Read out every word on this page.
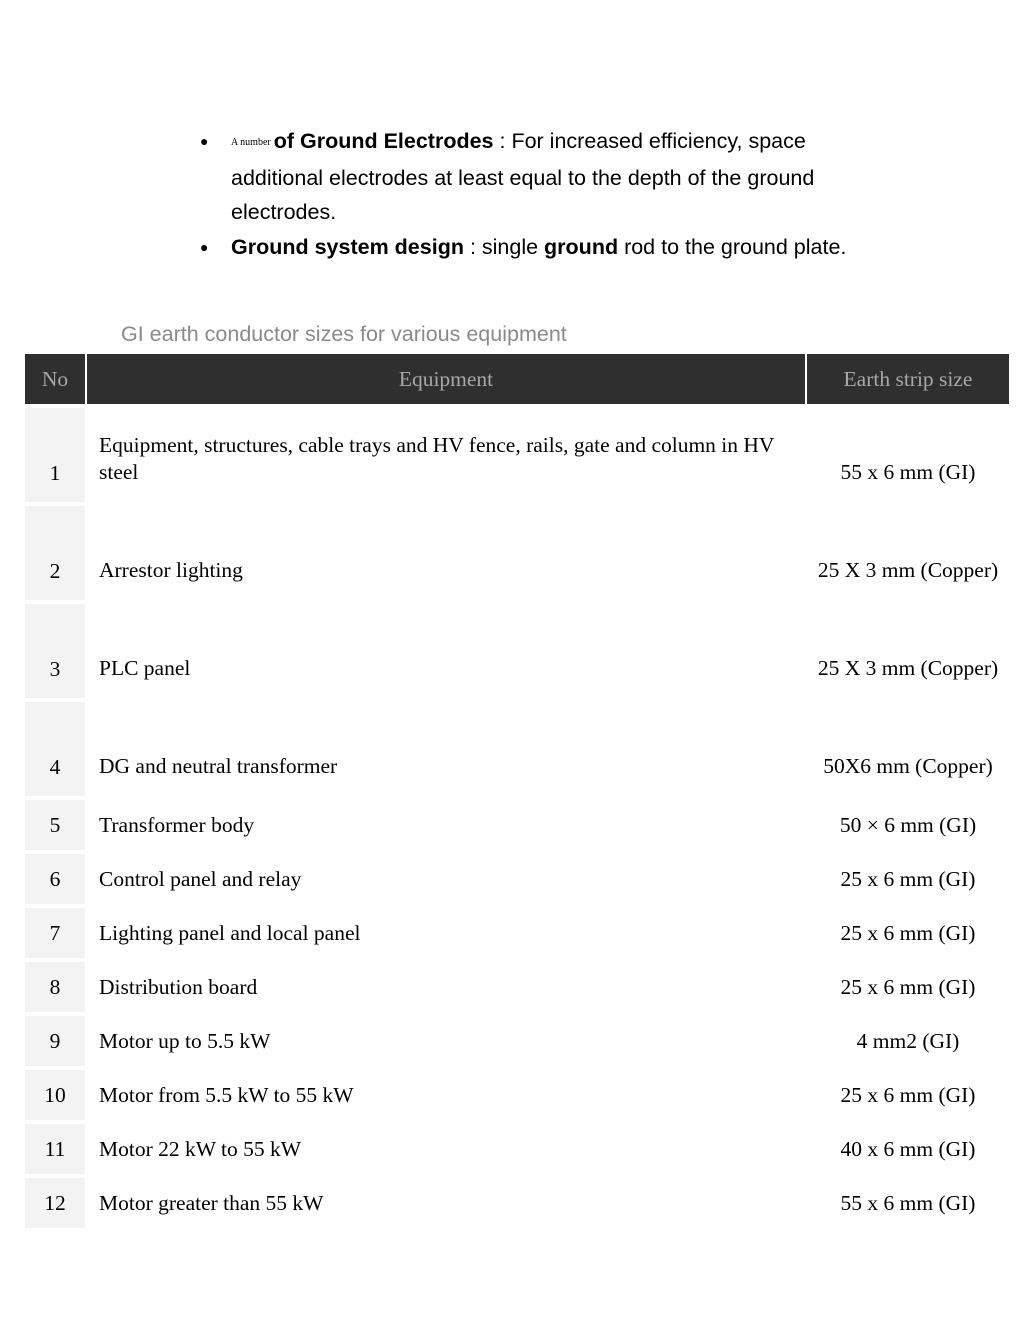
● A number of Ground Electrodes : For increased efficiency, space additional electrodes at least equal to the depth of the ground electrodes.
● Ground system design : single ground rod to the ground plate.
GI earth conductor sizes for various equipment
No	Equipment	Earth strip size
1	Equipment, structures, cable trays and HV fence, rails, gate and column in HV steel	55 x 6 mm (GI)
2	Arrestor lighting	25 X 3 mm (Copper)
3	PLC panel	25 X 3 mm (Copper)
4	DG and neutral transformer	50X6 mm (Copper)
5	Transformer body	50 × 6 mm (GI)
6	Control panel and relay	25 x 6 mm (GI)
7	Lighting panel and local panel	25 x 6 mm (GI)
8	Distribution board	25 x 6 mm (GI)
9	Motor up to 5.5 kW	4 mm2 (GI)
10	Motor from 5.5 kW to 55 kW	25 x 6 mm (GI)
11	Motor 22 kW to 55 kW	40 x 6 mm (GI)
12	Motor greater than 55 kW	55 x 6 mm (GI)
